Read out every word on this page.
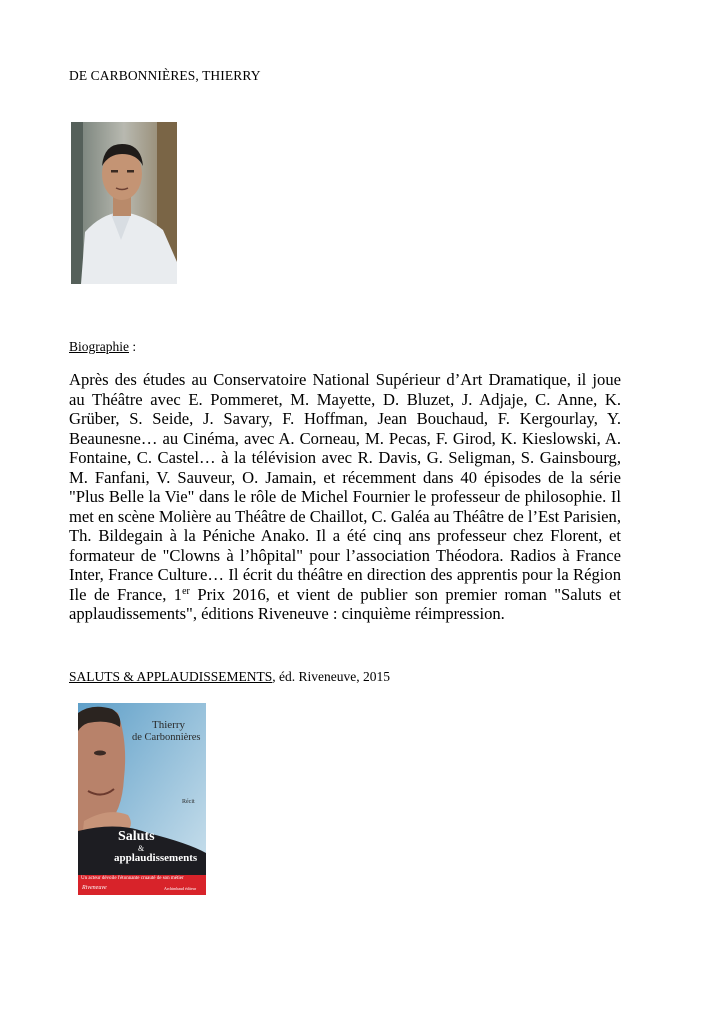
DE CARBONNIÈRES, THIERRY
Biographie :

Après des études au Conservatoire National Supérieur d’Art Dramatique, il joue au Théâtre avec E. Pommeret, M. Mayette, D. Bluzet, J. Adjaje, C. Anne, K. Grüber, S. Seide, J. Savary, F. Hoffman, Jean Bouchaud, F. Kergourlay, Y. Beaunesne… au Cinéma, avec A. Corneau, M. Pecas, F. Girod, K. Kieslowski, A. Fontaine, C. Castel… à la télévision avec R. Davis, G. Seligman, S. Gainsbourg, M. Fanfani, V. Sauveur, O. Jamain, et récemment dans 40 épisodes de la série "Plus Belle la Vie" dans le rôle de Michel Fournier le professeur de philosophie. Il met en scène Molière au Théâtre de Chaillot, C. Galéa au Théâtre de l’Est Parisien, Th. Bildegain à la Péniche Anako. Il a été cinq ans professeur chez Florent, et formateur de "Clowns à l’hôpital" pour l’association Théodora. Radios à France Inter, France Culture… Il écrit du théâtre en direction des apprentis pour la Région Ile de France, 1er Prix 2016, et vient de publier son premier roman "Saluts et applaudissements", éditions Riveneuve : cinquième réimpression.

SALUTS & APPLAUDISSEMENTS, éd. Riveneuve, 2015
Thierry
de Carbonnières
Récit
Saluts
&
applaudissements
Un acteur dévoile l'étonnante cruauté de son métier
Riveneuve	Archimbaud éditeur
